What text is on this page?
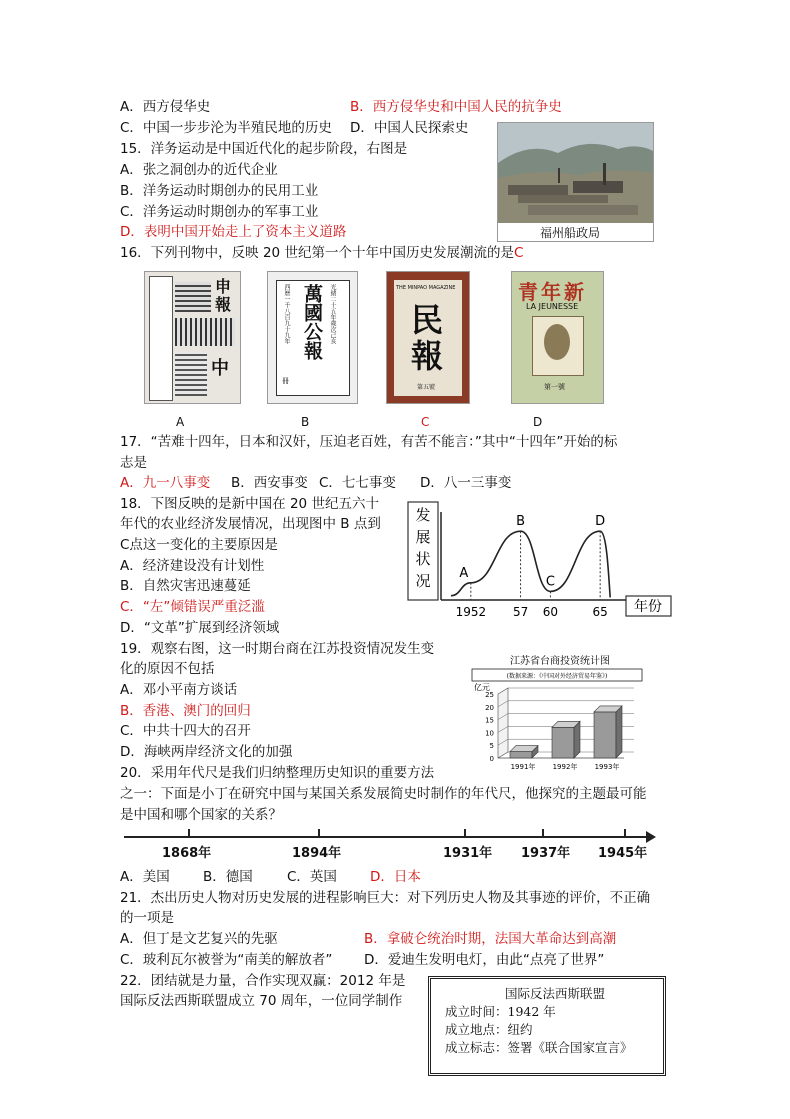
A．西方侵华史	B．西方侵华史和中国人民的抗争史
C．中国一步步沦为半殖民地的历史 D．中国人民探索史
15．洋务运动是中国近代化的起步阶段，右图是
A．张之洞创办的近代企业
B．洋务运动时期创办的民用工业
C．洋务运动时期创办的军事工业
D．表明中国开始走上了资本主义道路	福州船政局
16．下列刊物中，反映 20 世纪第一个十年中国历史发展潮流的是C
申
報
中
光緒二十五年歲次己亥
西歷一千八百九十九年 萬國公報
冊
THE MINPAO MAGAZINE
民
報
第五號
青年新
LA JEUNESSE
第一號
A	B	C	D
17．“苦难十四年，日本和汉奸，压迫老百姓，有苦不能言：”其中“十四年”开始的标
志是
A．九一八事变 B．西安事变 C．七七事变 D．八一三事变
18．下图反映的是新中国在 20 世纪五六十
年代的农业经济发展情况，出现图中 B 点到
C点这一变化的主要原因是
A．经济建设没有计划性
B．自然灾害迅速蔓延
C．“左”倾错误严重泛滥
D．“文革”扩展到经济领域
发展状况
年份
A
1952
B
57
C
60
D
65
19．观察右图，这一时期台商在江苏投资情况发生变
化的原因不包括
A．邓小平南方谈话
B．香港、澳门的回归
C．中共十四大的召开
D．海峡两岸经济文化的加强
江苏省台商投资统计图
(数据来源：《中国对外经济贸易年鉴》)
亿元
0
5
10
15
20
25
1991年 1992年 1993年
20．采用年代尺是我们归纳整理历史知识的重要方法
之一：下面是小丁在研究中国与某国关系发展简史时制作的年代尺，他探究的主题最可能
是中国和哪个国家的关系？
1868年	1894年	1931年 1937年 1945年
A．美国 B．德国	C．英国 D．日本
21．杰出历史人物对历史发展的进程影响巨大：对下列历史人物及其事迹的评价，不正确
的一项是
A．但丁是文艺复兴的先驱	B．拿破仑统治时期，法国大革命达到高潮
C．玻利瓦尔被誉为“南美的解放者” D．爱迪生发明电灯，由此“点亮了世界”
22．团结就是力量，合作实现双赢：2012 年是
国际反法西斯联盟成立 70 周年，一位同学制作	国际反法西斯联盟
成立时间：1942 年
成立地点：纽约
成立标志：签署《联合国家宣言》
